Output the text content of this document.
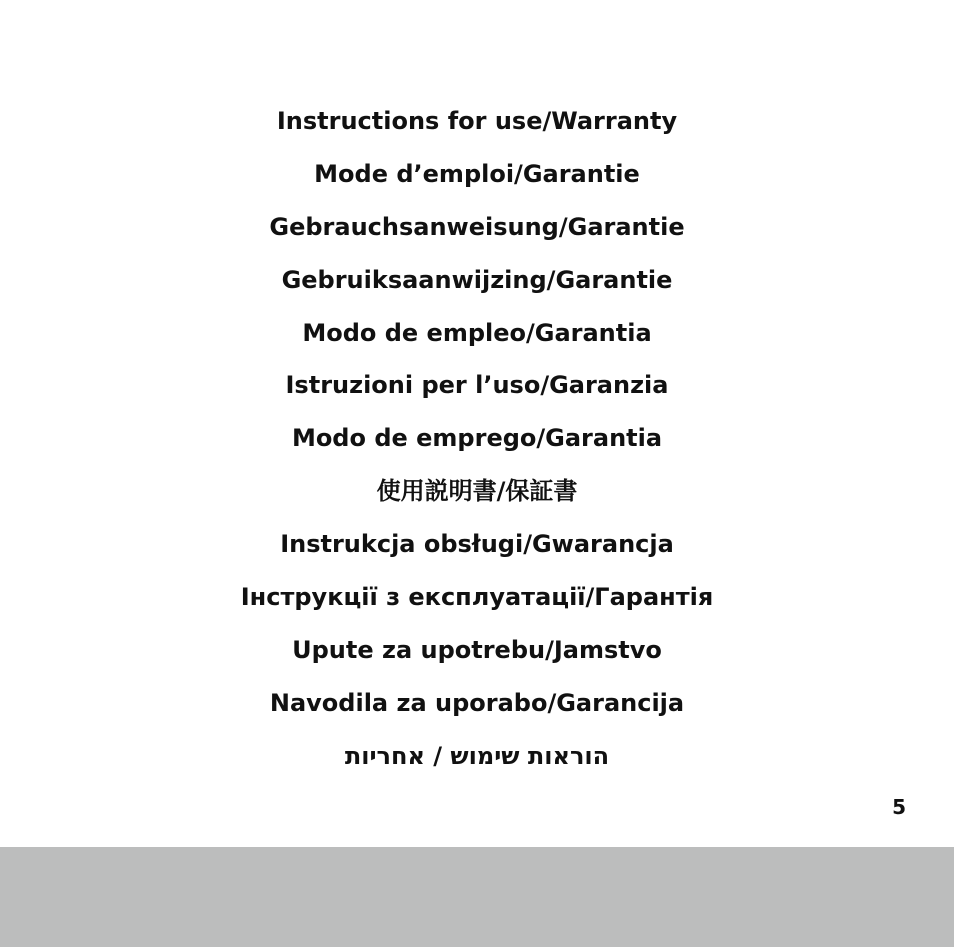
Instructions for use/Warranty
Mode d’emploi/Garantie
Gebrauchsanweisung/Garantie
Gebruiksaanwijzing/Garantie
Modo de empleo/Garantia
Istruzioni per l’uso/Garanzia
Modo de emprego/Garantia
使用説明書/保証書
Instrukcja obsługi/Gwarancja
Інструкції з експлуатації/Гарантія
Upute za upotrebu/Jamstvo
Navodila za uporabo/Garancija
הוראות שימוש / אחריות
5
